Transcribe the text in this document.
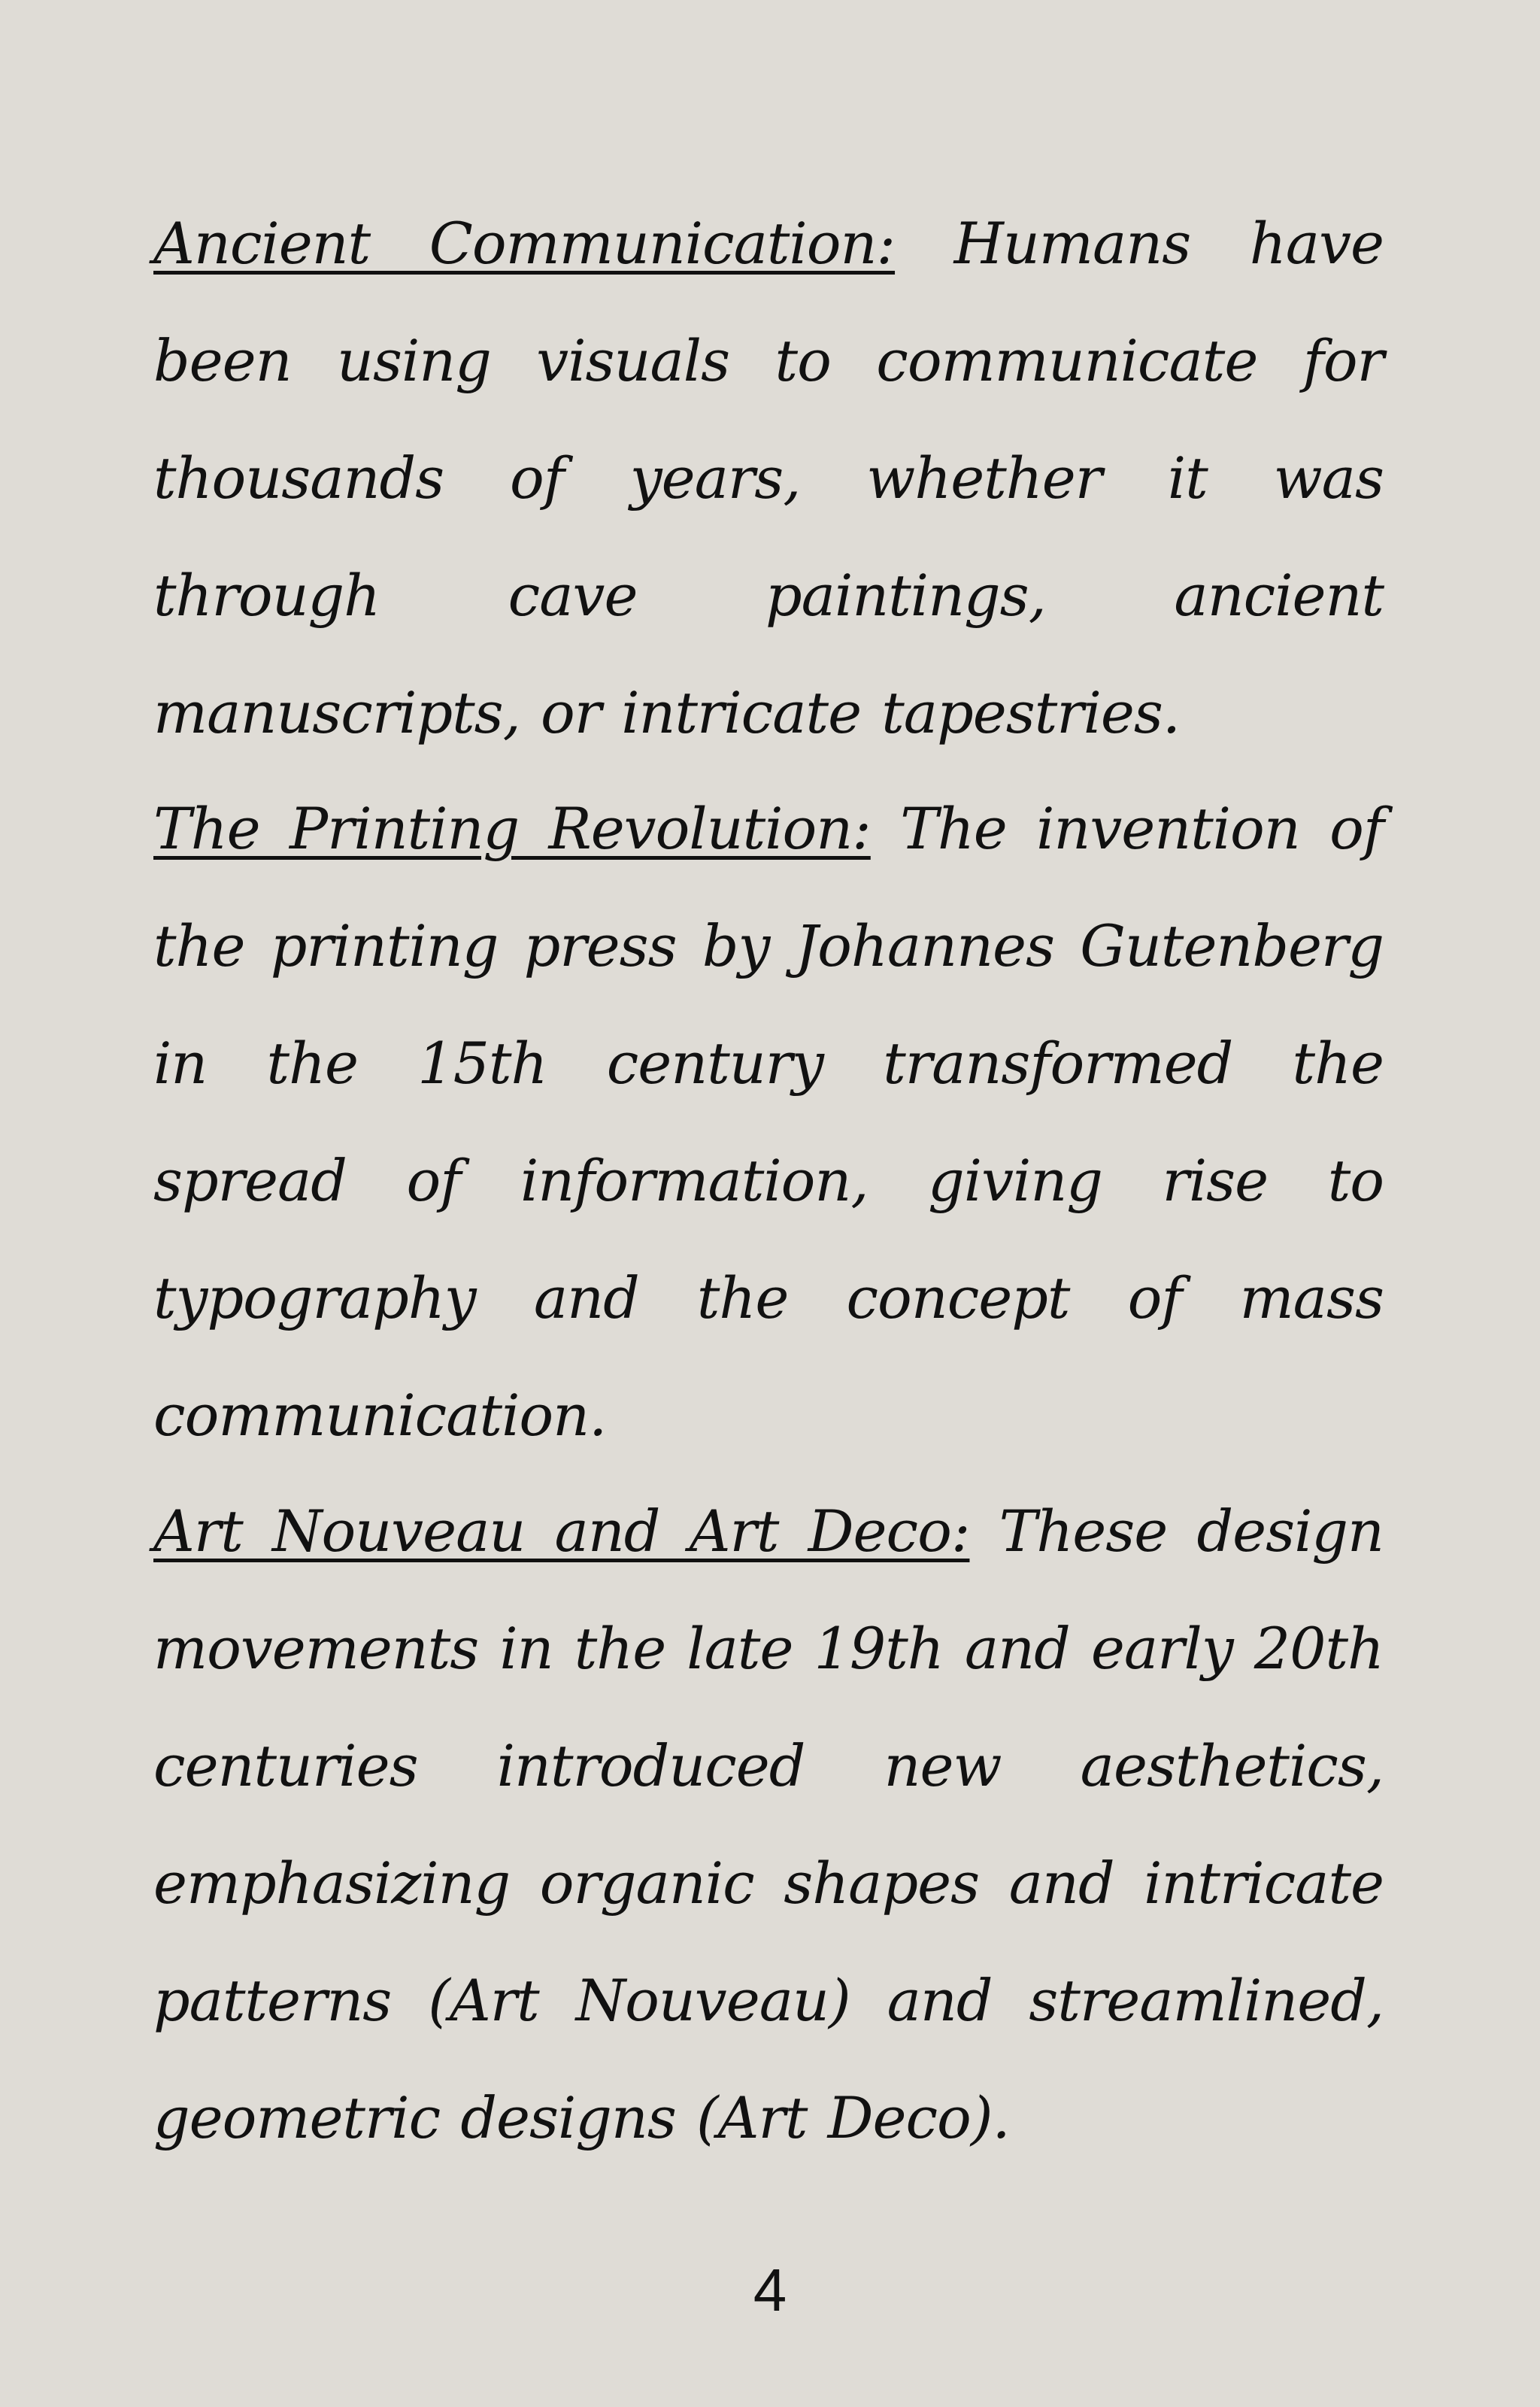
Ancient Communication: Humans have been using visuals to communicate for thousands of years, whether it was through cave paintings, ancient manuscripts, or intricate tapestries.

The Printing Revolution: The invention of the printing press by Johannes Gutenberg in the 15th century transformed the spread of information, giving rise to typography and the concept of mass communication.

Art Nouveau and Art Deco: These design movements in the late 19th and early 20th centuries introduced new aesthetics, emphasizing organic shapes and intricate patterns (Art Nouveau) and streamlined, geometric designs (Art Deco).

4
